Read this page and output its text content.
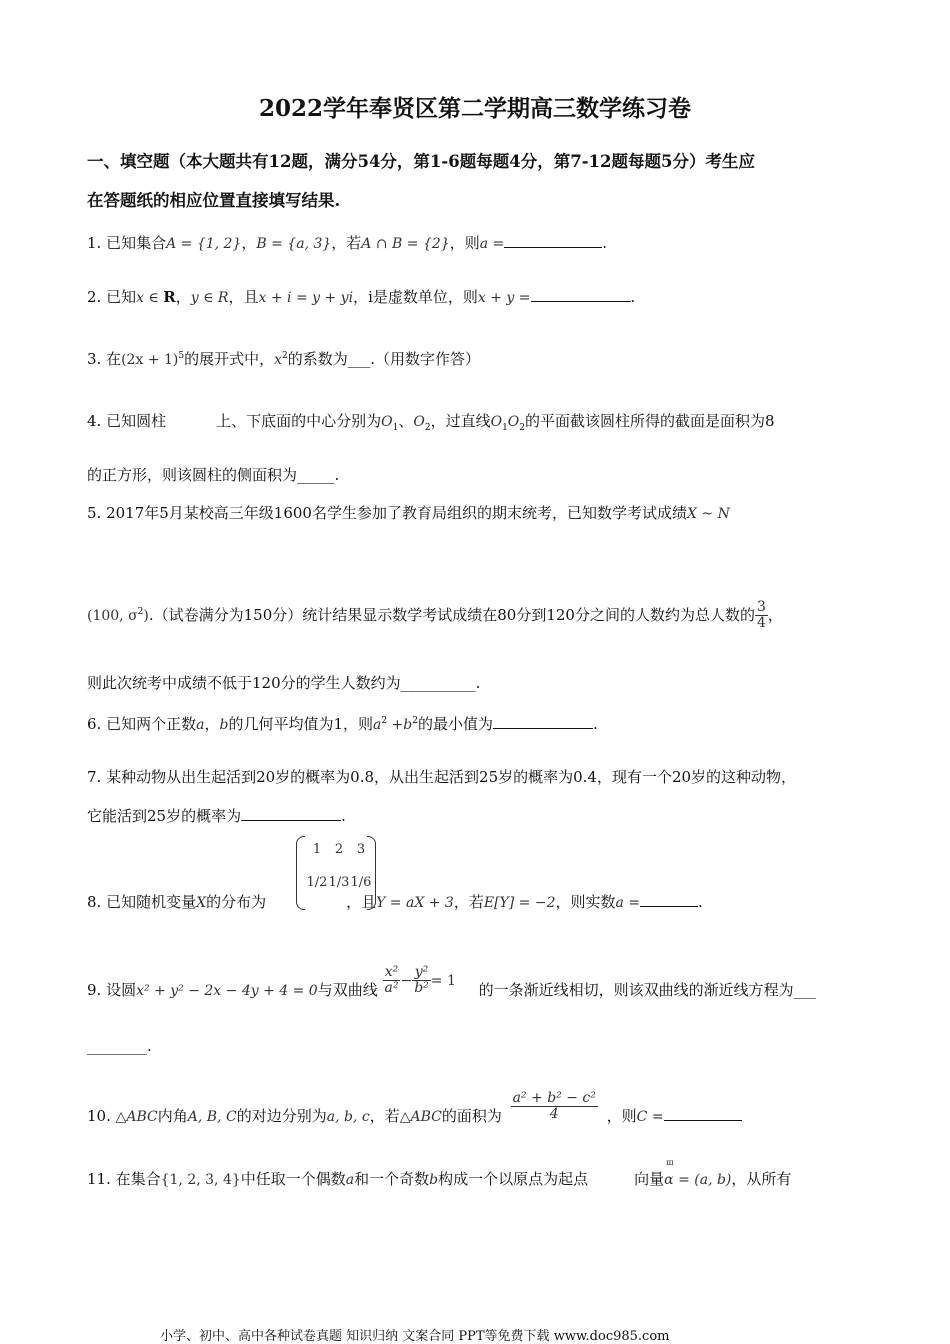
2022学年奉贤区第二学期高三数学练习卷
一、填空题（本大题共有12题，满分54分，第1-6题每题4分，第7-12题每题5分）考生应
在答题纸的相应位置直接填写结果.
1. 已知集合A = {1, 2}，B = {a, 3}，若A ∩ B = {2}，则a =	.
2. 已知x ∈ R，y ∈ R，且x + i = y + yi，i是虚数单位，则x + y =	.
3. 在$(2x + 1)^5$的展开式中，$x^2$的系数为___.（用数字作答）
4. 已知圆柱	上、下底面的中心分别为$O_1$、$O_2$，过直线$O_1O_2$的平面截该圆柱所得的截面是面积为8
的正方形，则该圆柱的侧面积为_____.
5. 2017年5月某校高三年级1600名学生参加了教育局组织的期末统考，已知数学考试成绩X ~ N
(100, $\sigma^2$).（试卷满分为150分）统计结果显示数学考试成绩在80分到120分之间的人数约为总人数的 $\frac{3}{4}$ ，
则此次统考中成绩不低于120分的学生人数约为__________.
6. 已知两个正数a，b的几何平均值为1，则$a^2 +b^2$的最小值为	.
7. 某种动物从出生起活到20岁的概率为0.8，从出生起活到25岁的概率为0.4，现有一个20岁的这种动物，
它能活到25岁的概率为	.
8. 已知随机变量X的分布为	，且Y = aX + 3，若E[Y] = −2，则实数a =	.
1	2	3
1/2	1/3	1/6
9. 设圆x² + y² − 2x − 4y + 4 = 0与双曲线 $\frac{\text{x²}}{\text{a²}} - \frac{\text{y²}}{\text{b²}} = 1$ 的一条渐近线相切，则该双曲线的渐近线方程为___
________.
10. △ABC内角A, B, C的对边分别为a, b, c，若△ABC的面积为 $\frac{\text{a² + b² − c²}}{4}$ ，则C =
11. 在集合{1, 2, 3, 4}中任取一个偶数a和一个奇数b构成一个以原点为起点	向量
ш
α = (a, b)，从所有
小学、初中、高中各种试卷真题 知识归纳 文案合同 PPT等免费下载 www.doc985.com
